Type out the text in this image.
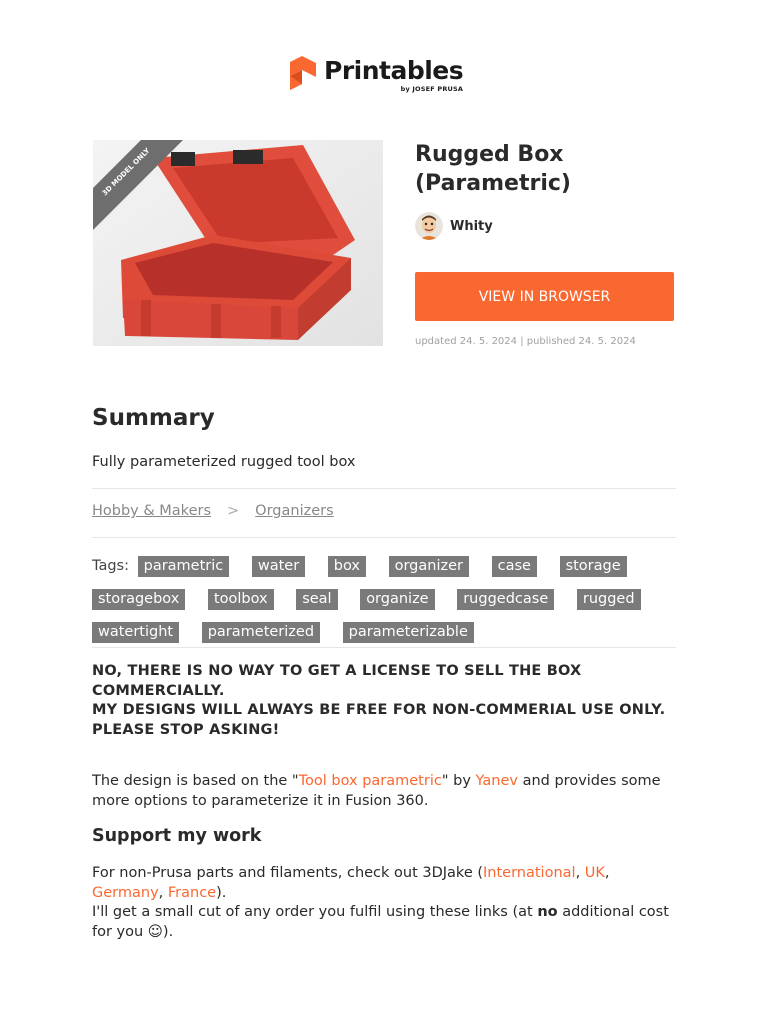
Printables
by JOSEF PRUSA
3D MODEL ONLY	Rugged Box (Parametric)
Whity
VIEW IN BROWSER
updated 24. 5. 2024 | published 24. 5. 2024
Summary
Fully parameterized rugged tool box
Hobby & Makers > Organizers
Tags: parametric water box organizer case storage storagebox toolbox seal organize ruggedcase rugged watertight parameterized parameterizable
NO, THERE IS NO WAY TO GET A LICENSE TO SELL THE BOX COMMERCIALLY.
MY DESIGNS WILL ALWAYS BE FREE FOR NON-COMMERIAL USE ONLY.
PLEASE STOP ASKING!
The design is based on the "Tool box parametric" by Yanev and provides some more options to parameterize it in Fusion 360.
Support my work
For non-Prusa parts and filaments, check out 3DJake (International, UK, Germany, France).
I'll get a small cut of any order you fulfil using these links (at no additional cost for you ☺).
